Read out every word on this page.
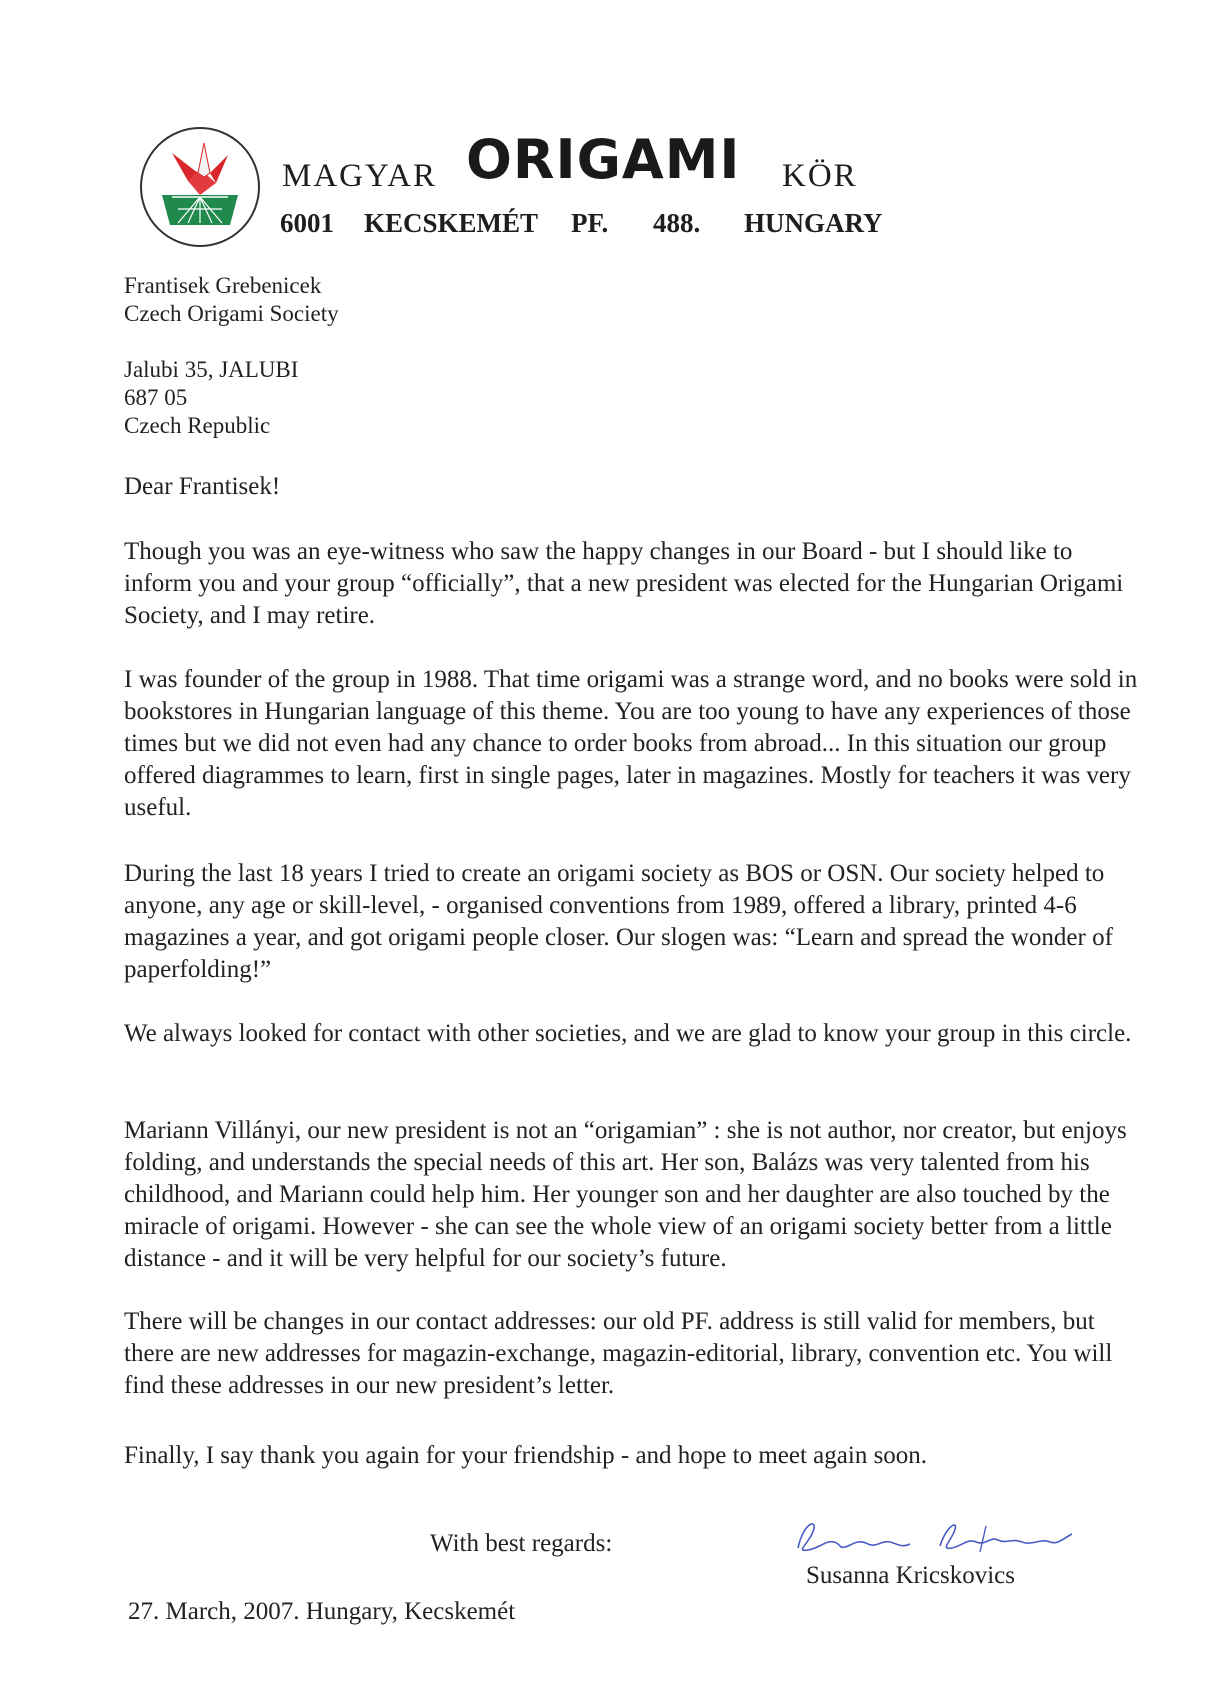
MAGYAR ORIGAMI KÖR
6001 KECSKEMÉT PF. 488. HUNGARY
Frantisek Grebenicek
Czech Origami Society
Jalubi 35, JALUBI
687 05
Czech Republic
Dear Frantisek!

Though you was an eye-witness who saw the happy changes in our Board - but I should like to inform you and your group “officially”, that a new president was elected for the Hungarian Origami Society, and I may retire.

I was founder of the group in 1988. That time origami was a strange word, and no books were sold in bookstores in Hungarian language of this theme. You are too young to have any experiences of those times but we did not even had any chance to order books from abroad... In this situation our group offered diagrammes to learn, first in single pages, later in magazines. Mostly for teachers it was very useful.

During the last 18 years I tried to create an origami society as BOS or OSN. Our society helped to anyone, any age or skill-level, - organised conventions from 1989, offered a library, printed 4-6 magazines a year, and got origami people closer. Our slogen was: “Learn and spread the wonder of paperfolding!”

We always looked for contact with other societies, and we are glad to know your group in this circle.

Mariann Villányi, our new president is not an “origamian” : she is not author, nor creator, but enjoys folding, and understands the special needs of this art. Her son, Balázs was very talented from his childhood, and Mariann could help him. Her younger son and her daughter are also touched by the miracle of origami. However - she can see the whole view of an origami society better from a little distance - and it will be very helpful for our society’s future.

There will be changes in our contact addresses: our old PF. address is still valid for members, but there are new addresses for magazin-exchange, magazin-editorial, library, convention etc. You will find these addresses in our new president’s letter.

Finally, I say thank you again for your friendship - and hope to meet again soon.

With best regards:
Susanna Kricskovics
27. March, 2007. Hungary, Kecskemét
